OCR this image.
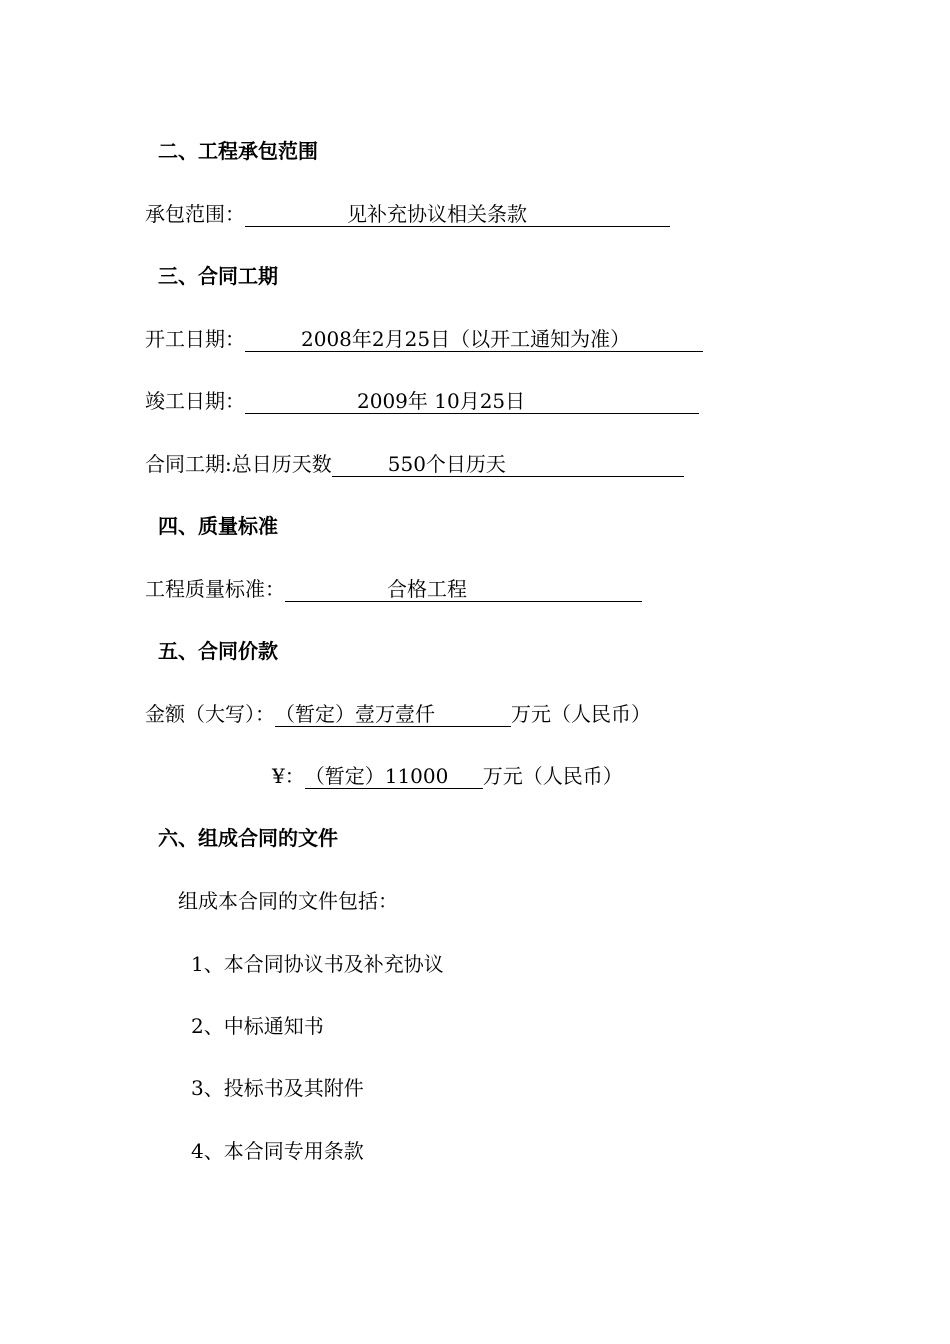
二、工程承包范围
承包范围：	见补充协议相关条款
三、合同工期
开工日期：	2008年2月25日（以开工通知为准）
竣工日期：	2009年 10月25日
合同工期:总日历天数	550个日历天
四、质量标准
工程质量标准：	合格工程
五、合同价款
金额（大写）：（暂定）壹万壹仟	万元（人民币）
¥：（暂定）11000 万元（人民币）
六、组成合同的文件
组成本合同的文件包括：
1、本合同协议书及补充协议
2、中标通知书
3、投标书及其附件
4、本合同专用条款
